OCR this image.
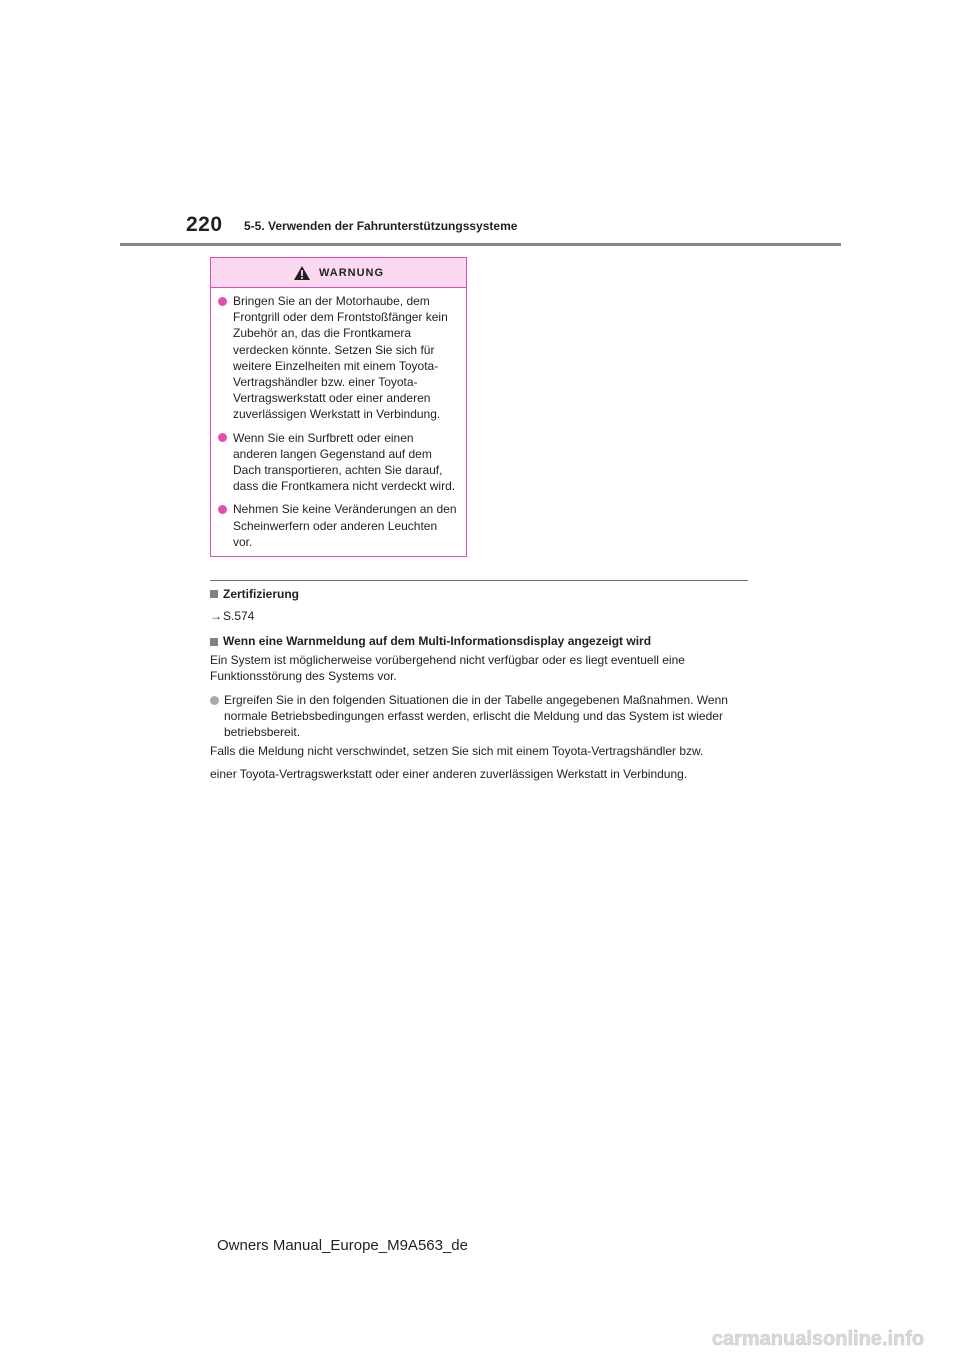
220 5-5. Verwenden der Fahrunterstützungssysteme
WARNUNG
Bringen Sie an der Motorhaube, dem Frontgrill oder dem Frontstoßfänger kein Zubehör an, das die Frontkamera verdecken könnte. Setzen Sie sich für weitere Einzelheiten mit einem Toyota-Vertragshändler bzw. einer Toyota-Vertragswerkstatt oder einer anderen zuverlässigen Werkstatt in Verbindung.
Wenn Sie ein Surfbrett oder einen anderen langen Gegenstand auf dem Dach transportieren, achten Sie darauf, dass die Frontkamera nicht verdeckt wird.
Nehmen Sie keine Veränderungen an den Scheinwerfern oder anderen Leuchten vor.
Zertifizierung
→S.574
Wenn eine Warnmeldung auf dem Multi-Informationsdisplay angezeigt wird
Ein System ist möglicherweise vorübergehend nicht verfügbar oder es liegt eventuell eine Funktionsstörung des Systems vor.
Ergreifen Sie in den folgenden Situationen die in der Tabelle angegebenen Maßnahmen. Wenn normale Betriebsbedingungen erfasst werden, erlischt die Meldung und das System ist wieder betriebsbereit.
Falls die Meldung nicht verschwindet, setzen Sie sich mit einem Toyota-Vertragshändler bzw.
einer Toyota-Vertragswerkstatt oder einer anderen zuverlässigen Werkstatt in Verbindung.
Owners Manual_Europe_M9A563_de
carmanualsonline.info
